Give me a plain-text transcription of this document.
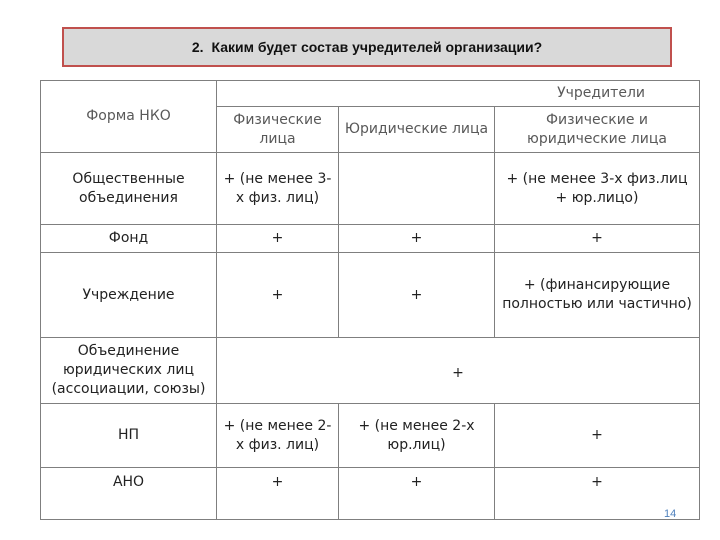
2. Каким будет состав учредителей организации?
Форма НКО	Учредители		
	Физические лица	Юридические лица	Физические и юридические лица
Общественные объединения	+ (не менее 3-х физ. лиц)		+ (не менее 3-х физ.лиц + юр.лицо)
Фонд	+	+	+
Учреждение	+	+	+ (финансирующие полностью или частично)
Объединение юридических лиц (ассоциации, союзы)	+		
НП	+ (не менее 2-х физ. лиц)	+ (не менее 2-х юр.лиц)	+
АНО	+	+	+
14
